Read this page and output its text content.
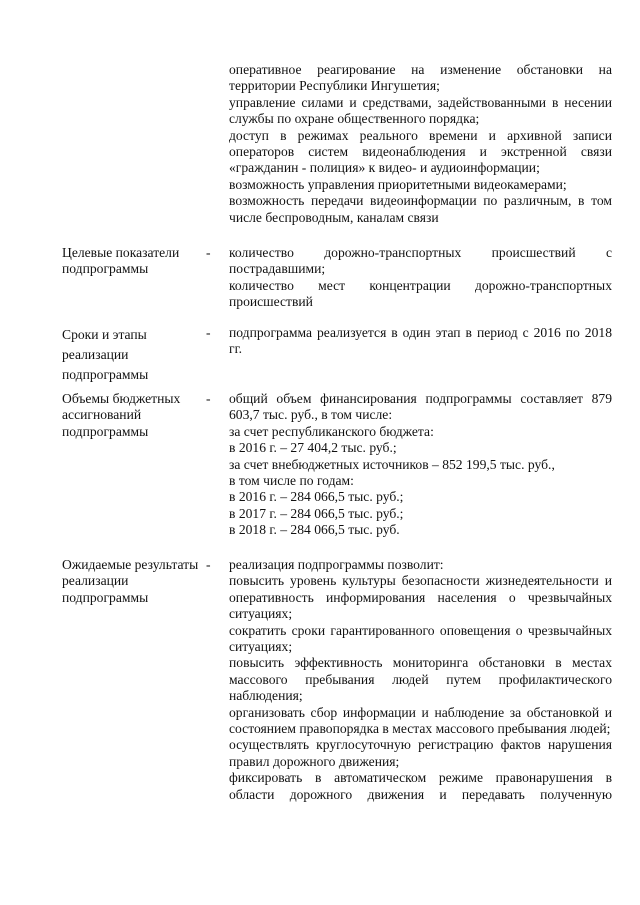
оперативное реагирование на изменение обстановки на территории Республики Ингушетия;
управление силами и средствами, задействованными в несении службы по охране общественного порядка;
доступ в режимах реального времени и архивной записи операторов систем видеонаблюдения и экстренной связи «гражданин - полиция» к видео- и аудиоинформации;
возможность управления приоритетными видеокамерами;
возможность передачи видеоинформации по различным, в том числе беспроводным, каналам связи
Целевые показатели подпрограммы
- количество дорожно-транспортных происшествий с пострадавшими;
количество мест концентрации дорожно-транспортных происшествий
Сроки и этапы реализации подпрограммы
- подпрограмма реализуется в один этап в период с 2016 по 2018 гг.
Объемы бюджетных ассигнований подпрограммы
- общий объем финансирования подпрограммы составляет 879 603,7 тыс. руб., в том числе:
за счет республиканского бюджета:
в 2016 г. – 27 404,2 тыс. руб.;
за счет внебюджетных источников – 852 199,5 тыс. руб.,
в том числе по годам:
в 2016 г. – 284 066,5 тыс. руб.;
в 2017 г. – 284 066,5 тыс. руб.;
в 2018 г. – 284 066,5 тыс. руб.
Ожидаемые результаты реализации подпрограммы
- реализация подпрограммы позволит:
повысить уровень культуры безопасности жизнедеятельности и оперативность информирования населения о чрезвычайных ситуациях;
сократить сроки гарантированного оповещения о чрезвычайных ситуациях;
повысить эффективность мониторинга обстановки в местах массового пребывания людей путем профилактического наблюдения;
организовать сбор информации и наблюдение за обстановкой и состоянием правопорядка в местах массового пребывания людей;
осуществлять круглосуточную регистрацию фактов нарушения правил дорожного движения;
фиксировать в автоматическом режиме правонарушения в области дорожного движения и передавать полученную
